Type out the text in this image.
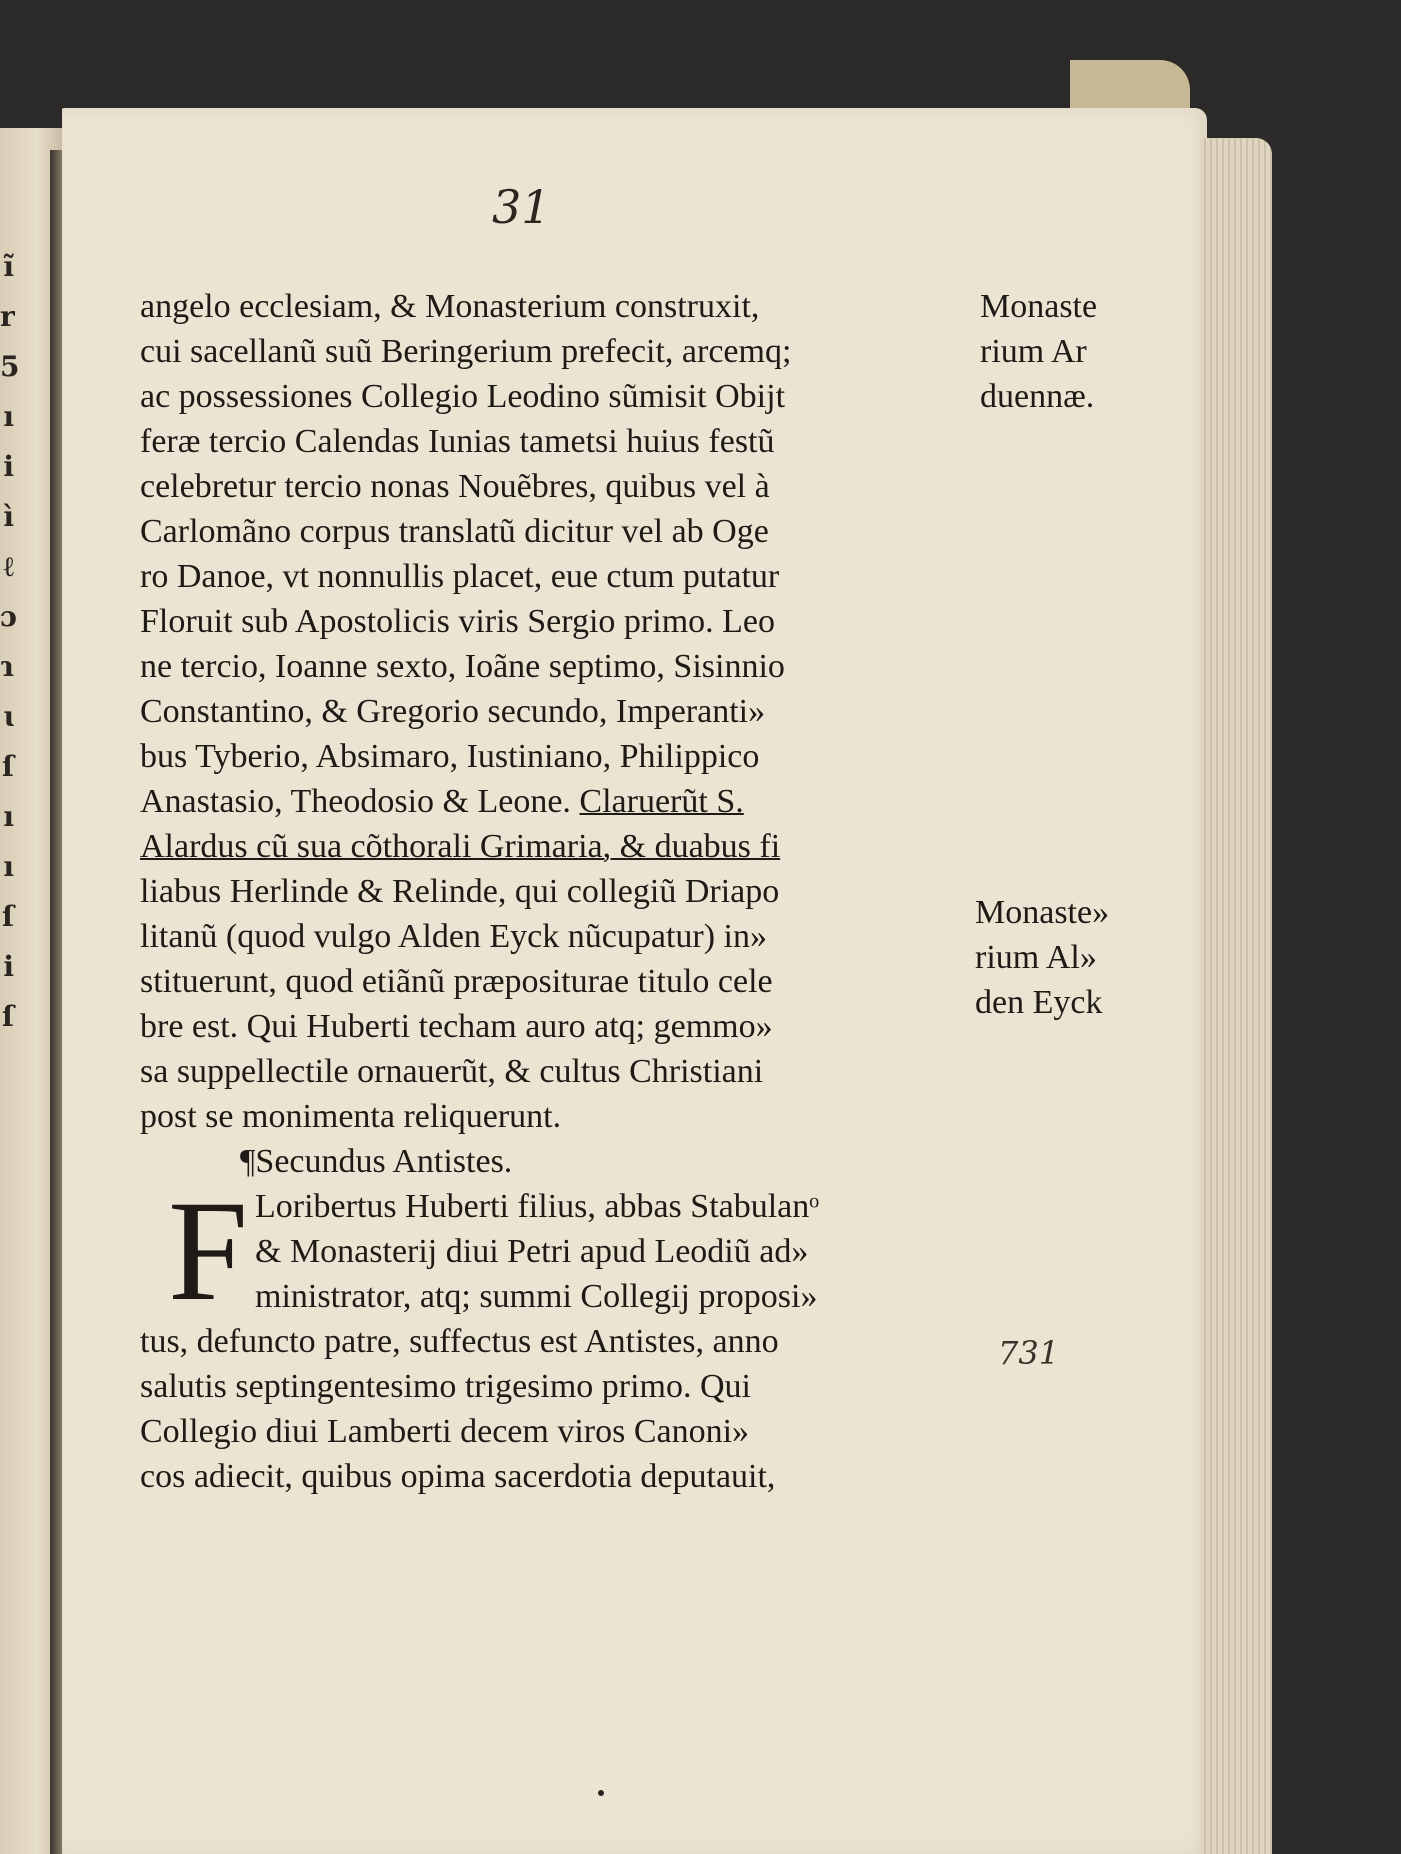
ĩ
r
5
ı
i
ì
ℓ
ɔ
ɿ
ɩ
ſ
ı
ı
ſ
i
ſ
31
angelo ecclesiam, & Monasterium construxit,
cui sacellanũ suũ Beringerium prefecit, arcemq;
ac possessiones Collegio Leodino sũmisit Obijt
feræ tercio Calendas Iunias tametsi huius festũ
celebretur tercio nonas Nouẽbres, quibus vel à
Carlomãno corpus translatũ dicitur vel ab Oge
ro Danoe, vt nonnullis placet, eue ctum putatur
Floruit sub Apostolicis viris Sergio primo. Leo
ne tercio, Ioanne sexto, Ioãne septimo, Sisinnio
Constantino, & Gregorio secundo, Imperanti»
bus Tyberio, Absimaro, Iustiniano, Philippico
Anastasio, Theodosio & Leone. Claruerũt S.
Alardus cũ sua cõthorali Grimaria, & duabus fi
liabus Herlinde & Relinde, qui collegiũ Driapo
litanũ (quod vulgo Alden Eyck nũcupatur) in»
stituerunt, quod etiãnũ præpositurae titulo cele
bre est. Qui Huberti techam auro atq; gemmo»
sa suppellectile ornauerũt, & cultus Christiani
post se monimenta reliquerunt.
¶Secundus Antistes.
F Loribertus Huberti filius, abbas Stabulanᵒ
& Monasterij diui Petri apud Leodiũ ad»
ministrator, atq; summi Collegij proposi»
tus, defuncto patre, suffectus est Antistes, anno
salutis septingentesimo trigesimo primo. Qui
Collegio diui Lamberti decem viros Canoni»
cos adiecit, quibus opima sacerdotia deputauit,
Monaste
rium Ar
duennæ.
Monaste»
rium Al»
den Eyck
731
